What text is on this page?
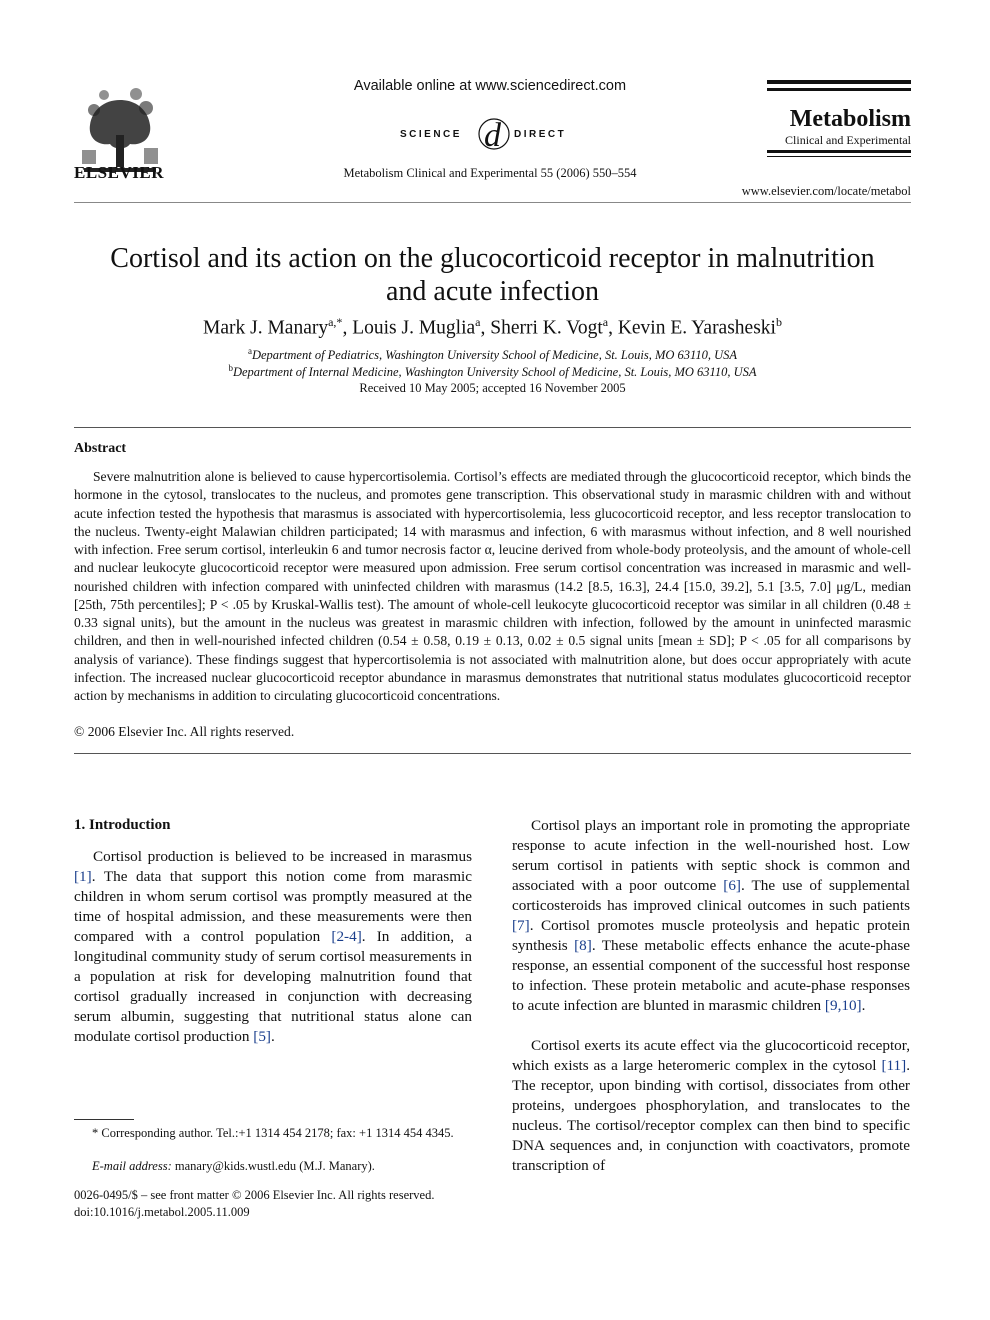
ELSEVIER
Available online at www.sciencedirect.com
SCIENCE d DIRECT
Metabolism Clinical and Experimental 55 (2006) 550–554
Metabolism
Clinical and Experimental
www.elsevier.com/locate/metabol
Cortisol and its action on the glucocorticoid receptor in malnutrition
and acute infection
Mark J. Manary$^{a,*}$, Louis J. Muglia$^a$, Sherri K. Vogt$^a$, Kevin E. Yarasheski$^b$
$^a$Department of Pediatrics, Washington University School of Medicine, St. Louis, MO 63110, USA
$^b$Department of Internal Medicine, Washington University School of Medicine, St. Louis, MO 63110, USA
Received 10 May 2005; accepted 16 November 2005
Abstract
Severe malnutrition alone is believed to cause hypercortisolemia. Cortisol’s effects are mediated through the glucocorticoid receptor, which binds the hormone in the cytosol, translocates to the nucleus, and promotes gene transcription. This observational study in marasmic children with and without acute infection tested the hypothesis that marasmus is associated with hypercortisolemia, less glucocorticoid receptor, and less receptor translocation to the nucleus. Twenty-eight Malawian children participated; 14 with marasmus and infection, 6 with marasmus without infection, and 8 well nourished with infection. Free serum cortisol, interleukin 6 and tumor necrosis factor α, leucine derived from whole-body proteolysis, and the amount of whole-cell and nuclear leukocyte glucocorticoid receptor were measured upon admission. Free serum cortisol concentration was increased in marasmic and well-nourished children with infection compared with uninfected children with marasmus (14.2 [8.5, 16.3], 24.4 [15.0, 39.2], 5.1 [3.5, 7.0] μg/L, median [25th, 75th percentiles]; P < .05 by Kruskal-Wallis test). The amount of whole-cell leukocyte glucocorticoid receptor was similar in all children (0.48 ± 0.33 signal units), but the amount in the nucleus was greatest in marasmic children with infection, followed by the amount in uninfected marasmic children, and then in well-nourished infected children (0.54 ± 0.58, 0.19 ± 0.13, 0.02 ± 0.5 signal units [mean ± SD]; P < .05 for all comparisons by analysis of variance). These findings suggest that hypercortisolemia is not associated with malnutrition alone, but does occur appropriately with acute infection. The increased nuclear glucocorticoid receptor abundance in marasmus demonstrates that nutritional status modulates glucocorticoid receptor action by mechanisms in addition to circulating glucocorticoid concentrations.
© 2006 Elsevier Inc. All rights reserved.
1. Introduction
Cortisol production is believed to be increased in marasmus [1]. The data that support this notion come from marasmic children in whom serum cortisol was promptly measured at the time of hospital admission, and these measurements were then compared with a control population [2-4]. In addition, a longitudinal community study of serum cortisol measurements in a population at risk for developing malnutrition found that cortisol gradually increased in conjunction with decreasing serum albumin, suggesting that nutritional status alone can modulate cortisol production [5].
Cortisol plays an important role in promoting the appropriate response to acute infection in the well-nourished host. Low serum cortisol in patients with septic shock is common and associated with a poor outcome [6]. The use of supplemental corticosteroids has improved clinical outcomes in such patients [7]. Cortisol promotes muscle proteolysis and hepatic protein synthesis [8]. These metabolic effects enhance the acute-phase response, an essential component of the successful host response to infection. These protein metabolic and acute-phase responses to acute infection are blunted in marasmic children [9,10].
Cortisol exerts its acute effect via the glucocorticoid receptor, which exists as a large heteromeric complex in the cytosol [11]. The receptor, upon binding with cortisol, dissociates from other proteins, undergoes phosphorylation, and translocates to the nucleus. The cortisol/receptor complex can then bind to specific DNA sequences and, in conjunction with coactivators, promote transcription of
* Corresponding author. Tel.:+1 1314 454 2178; fax: +1 1314 454 4345.
E-mail address: manary@kids.wustl.edu (M.J. Manary).
0026-0495/$ – see front matter © 2006 Elsevier Inc. All rights reserved.
doi:10.1016/j.metabol.2005.11.009
